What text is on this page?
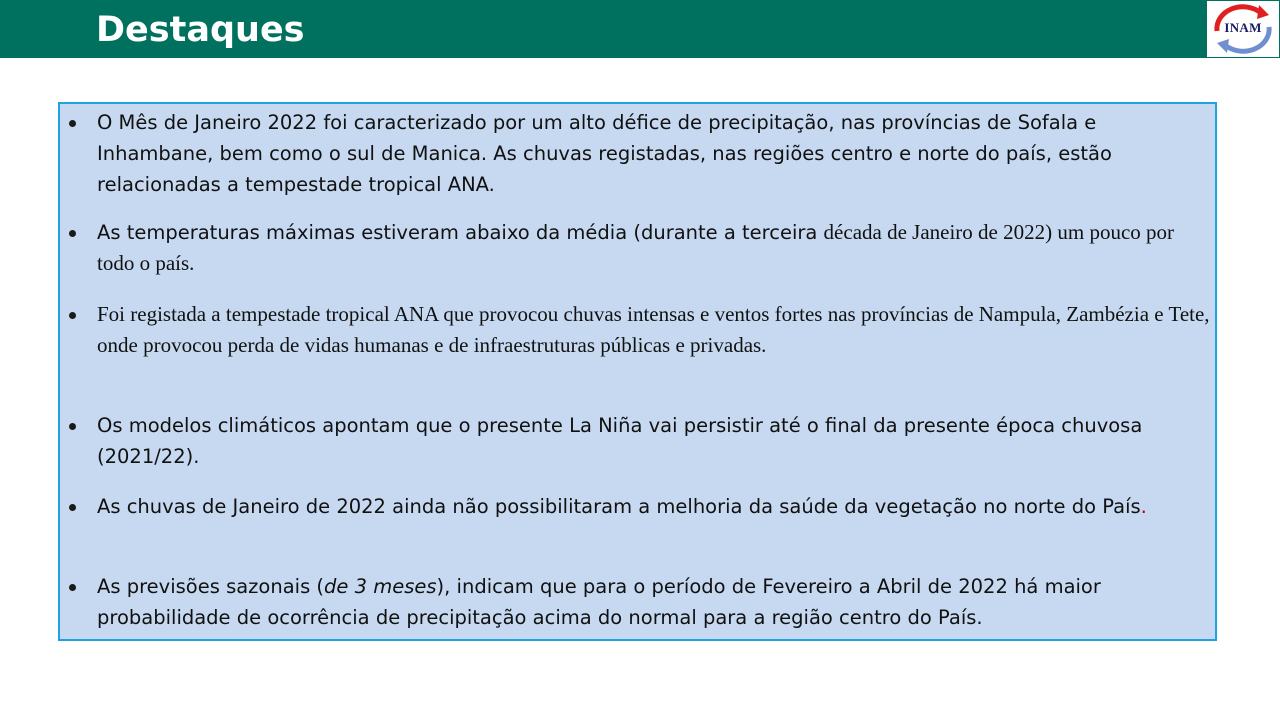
Destaques	INAM
O Mês de Janeiro 2022 foi caracterizado por um alto défice de precipitação, nas províncias de Sofala e Inhambane, bem como o sul de Manica. As chuvas registadas, nas regiões centro e norte do país, estão relacionadas a tempestade tropical ANA.
As temperaturas máximas estiveram abaixo da média (durante a terceira década de Janeiro de 2022) um pouco por todo o país.
Foi registada a tempestade tropical ANA que provocou chuvas intensas e ventos fortes nas províncias de Nampula, Zambézia e Tete, onde provocou perda de vidas humanas e de infraestruturas públicas e privadas.
Os modelos climáticos apontam que o presente La Niña vai persistir até o final da presente época chuvosa (2021/22).
As chuvas de Janeiro de 2022 ainda não possibilitaram a melhoria da saúde da vegetação no norte do País.
As previsões sazonais (de 3 meses), indicam que para o período de Fevereiro a Abril de 2022 há maior probabilidade de ocorrência de precipitação acima do normal para a região centro do País.
